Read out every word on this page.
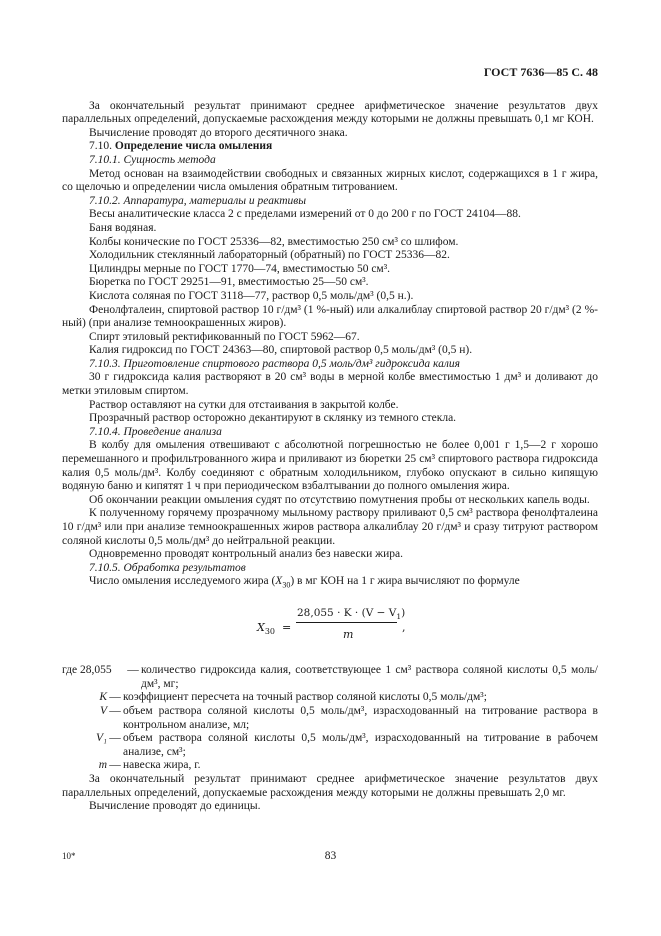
ГОСТ 7636—85 С. 48

За окончательный результат принимают среднее арифметическое значение результатов двух параллельных определений, допускаемые расхождения между которыми не должны превышать 0,1 мг КОН.

Вычисление проводят до второго десятичного знака.

7.10. Определение числа омыления

7.10.1. Сущность метода

Метод основан на взаимодействии свободных и связанных жирных кислот, содержащихся в 1 г жира, со щелочью и определении числа омыления обратным титрованием.

7.10.2. Аппаратура, материалы и реактивы

Весы аналитические класса 2 с пределами измерений от 0 до 200 г по ГОСТ 24104—88.

Баня водяная.

Колбы конические по ГОСТ 25336—82, вместимостью 250 см³ со шлифом.

Холодильник стеклянный лабораторный (обратный) по ГОСТ 25336—82.

Цилиндры мерные по ГОСТ 1770—74, вместимостью 50 см³.

Бюретка по ГОСТ 29251—91, вместимостью 25—50 см³.

Кислота соляная по ГОСТ 3118—77, раствор 0,5 моль/дм³ (0,5 н.).

Фенолфталеин, спиртовой раствор 10 г/дм³ (1 %-ный) или алкалиблау спиртовой раствор 20 г/дм³ (2 %-ный) (при анализе темноокрашенных жиров).

Спирт этиловый ректификованный по ГОСТ 5962—67.

Калия гидроксид по ГОСТ 24363—80, спиртовой раствор 0,5 моль/дм³ (0,5 н).

7.10.3. Приготовление спиртового раствора 0,5 моль/дм³ гидроксида калия

30 г гидроксида калия растворяют в 20 см³ воды в мерной колбе вместимостью 1 дм³ и доливают до метки этиловым спиртом.

Раствор оставляют на сутки для отстаивания в закрытой колбе.

Прозрачный раствор осторожно декантируют в склянку из темного стекла.

7.10.4. Проведение анализа

В колбу для омыления отвешивают с абсолютной погрешностью не более 0,001 г 1,5—2 г хорошо перемешанного и профильтрованного жира и приливают из бюретки 25 см³ спиртового раствора гидроксида калия 0,5 моль/дм³. Колбу соединяют с обратным холодильником, глубоко опускают в сильно кипящую водяную баню и кипятят 1 ч при периодическом взбалтывании до полного омыления жира.

Об окончании реакции омыления судят по отсутствию помутнения пробы от нескольких капель воды.

К полученному горячему прозрачному мыльному раствору приливают 0,5 см³ раствора фенолфталеина 10 г/дм³ или при анализе темноокрашенных жиров раствора алкалиблау 20 г/дм³ и сразу титруют раствором соляной кислоты 0,5 моль/дм³ до нейтральной реакции.

Одновременно проводят контрольный анализ без навески жира.

7.10.5. Обработка результатов

Число омыления исследуемого жира $(X_{30})$ в мг КОН на 1 г жира вычисляют по формуле

$X_{30}$ =
$28,055 \cdot K \cdot (V - V_1)$
m
,
где 28,055	— количество гидроксида калия, соответствующее 1 см³ раствора соляной кислоты 0,5 моль/дм³, мг;
K — коэффициент пересчета на точный раствор соляной кислоты 0,5 моль/дм³;
V — объем раствора соляной кислоты 0,5 моль/дм³, израсходованный на титрование раствора в контрольном анализе, мл;
V₁ — объем раствора соляной кислоты 0,5 моль/дм³, израсходованный на титрование в рабочем анализе, см³;
m — навеска жира, г.

За окончательный результат принимают среднее арифметическое значение результатов двух параллельных определений, допускаемые расхождения между которыми не должны превышать 2,0 мг.

Вычисление проводят до единицы.

10*	83
